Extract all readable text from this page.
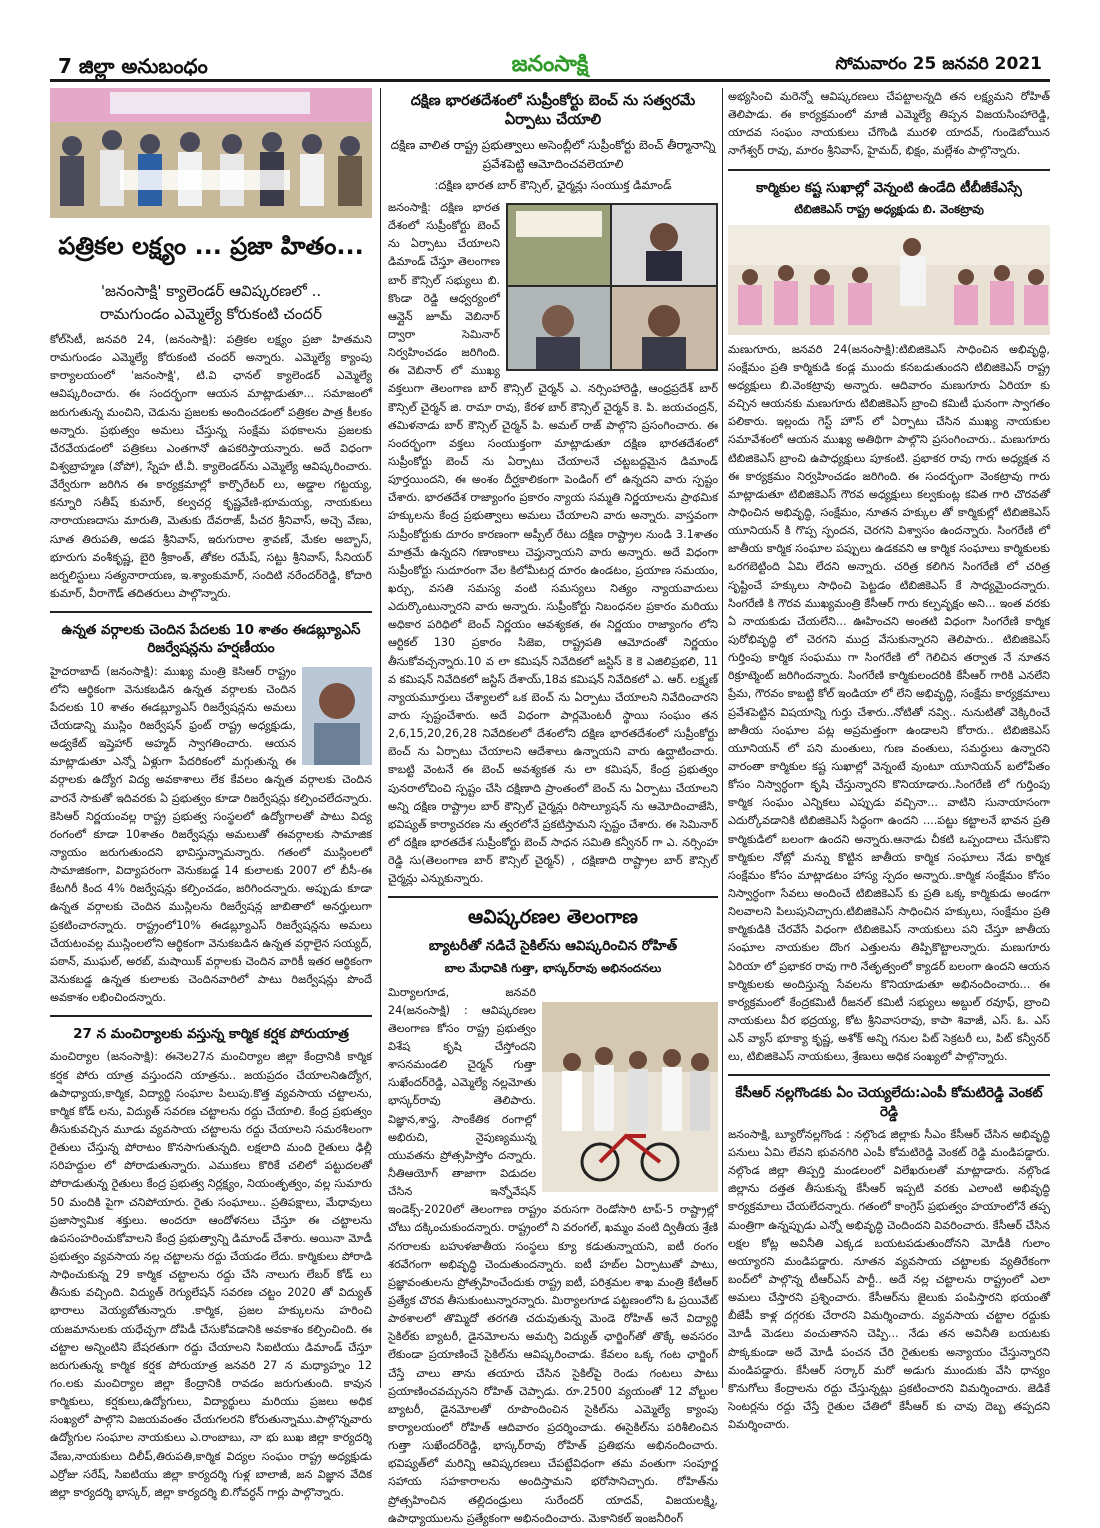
7 జిల్లా అనుబంధం	జనంసాక్షి	సోమవారం 25 జనవరి 2021
పత్రికల లక్ష్యం ... ప్రజా హితం...
'జనంసాక్షి' క్యాలెండర్ ఆవిష్కరణలో ..
రామగుండం ఎమ్మెల్యే కోరుకంటి చందర్
కోల్‌సిటీ, జనవరి 24, (జనంసాక్షి): పత్రికల లక్ష్యం ప్రజా హితమని రామగుండం ఎమ్మెల్యే కోరుకంటి చందర్ అన్నారు. ఎమ్మెల్యే క్యాంపు కార్యాలయంలో 'జనంసాక్షి', టి.వి ఛానల్ క్యాలెండర్ ఎమ్మెల్యే ఆవిష్కరించారు. ఈ సందర్భంగా ఆయన మాట్లాడుతూ... సమాజంలో జరుగుతున్న మంచిని, చెడును ప్రజలకు అందించడంలో పత్రికల పాత్ర కీలకం అన్నారు. ప్రభుత్వం అమలు చేస్తున్న సంక్షేమ పథకాలను ప్రజలకు చేరవేయడంలో పత్రికలు ఎంతగానో ఉపకరిస్తాయన్నారు. అదే విధంగా విశ్వబ్రాహ్మణ (వోపో), స్నేహ టీ.వీ. క్యాలెండర్‌ను ఎమ్మెల్యే ఆవిష్కరించారు. వేర్వేరుగా జరిగిన ఈ కార్యక్రమాల్లో కార్పొరేటర్ లు, అడ్డాల గట్టయ్య, కన్నూరి సతీష్ కుమార్, కల్వచర్ల కృష్ణవేణి-భూమయ్య, నాయకులు నారాయణదాసు మారుతి, మెతుకు దేవరాజ్, పీచర శ్రీనివాస్, అచ్చె వేణు, సూత తిరుపతి, అడప శ్రీనివాస్, ఇరుగురాల శ్రావణ్, మేకల అబ్బాస్, భూరుగు వంశీకృష్ణ, బైరి శ్రీకాంత్, తోకల రమేష్, సట్టు శ్రీనివాస్, సీనియర్ జర్నలిస్టులు సత్యనారాయణ, ఇ.శ్యాంకుమార్, సందిటి నరేందర్‌రెడ్డి, కోదారి కుమార్, వీరాగౌడ్ తదితరులు పాల్గొన్నారు.
ఉన్నత వర్గాలకు చెందిన పేదలకు 10 శాతం ఈడబ్ల్యూఎస్ రిజర్వేషన్లను హర్షణీయం
హైదరాబాద్ (జనంసాక్షి): ముఖ్య మంత్రి కెసిఆర్ రాష్ట్రం లోని ఆర్థికంగా వెనుకబడిన ఉన్నత వర్గాలకు చెందిన పేదలకు 10 శాతం ఈడబ్ల్యూఎస్ రిజర్వేషన్లను అమలు చేయడాన్ని ముస్లిం రిజర్వేషన్ ఫ్రంట్ రాష్ట్ర అధ్యక్షుడు, అడ్వకేట్ ఇష్తెహార్ అహ్మద్ స్వాగతించారు. ఆయన మాట్లాడుతూ ఎన్నో ఏళ్లుగా పేదరికంలో మగ్గుతున్న ఈ వర్గాలకు ఉద్యోగ విద్య అవకాశాలు లేక కేవలం ఉన్నత వర్గాలకు చెందిన వారనే సాకుతో ఇదివరకు ఏ ప్రభుత్వం కూడా రిజర్వేషన్లు కల్పించలేదన్నారు. కెసిఆర్ నిర్ణయంవల్ల రాష్ట్ర ప్రభుత్వ సంస్థలలో ఉద్యోగాలతో పాటు విద్య రంగంలో కూడా 10శాతం రిజర్వేషన్లు అమలుతో ఈవర్గాలకు సామాజిక న్యాయం జరుగుతుందని భావిస్తున్నామన్నారు. గతంలో ముస్లింలలో సామాజికంగా, విద్యాపరంగా వెనుకబడ్డ 14 కులాలకు 2007 లో బీసీ-ఈ కేటగిరీ కింద 4% రిజర్వేషన్లు కల్పించడం, జరిగిందన్నారు. అప్పుడు కూడా ఉన్నత వర్గాలకు చెందిన ముస్లిలను రిజర్వేషన్ల జాబితాలో అనర్హులుగా ప్రకటించారన్నారు. రాష్ట్రంలో10% ఈడబ్ల్యూఎస్ రిజర్వేషన్లను అమలు చేయటంవల్ల ముస్లింలలోని ఆర్థికంగా వెనుకబడిన ఉన్నత వర్గాలైన సయ్యద్, పఠాన్, ముఘల్, అరబ్, మషాయిక్ వర్గాలకు చెందిన వారికీ ఇతర ఆర్థికంగా వెనుకబడ్డ ఉన్నత కులాలకు చెందినవారిలో పాటు రిజర్వేషన్లు పొందే అవకాశం లభించిందన్నారు.
27 న మంచిర్యాలకు వస్తున్న కార్మిక కర్షక పోరుయాత్ర
మంచిర్యాల (జనంసాక్షి): ఈనెల27న మంచిర్యాల జిల్లా కేంద్రానికి కార్మిక కర్షక పోరు యాత్ర వస్తుందని యాత్రను.. జయప్రదం చేయాలనిఉద్యోగ, ఉపాధ్యాయ,కార్మిక, విద్యార్థి సంఘాల పిలుపు.కొత్త వ్యవసాయ చట్టాలను, కార్మిక కోడ్ లను, విద్యుత్ సవరణ చట్టాలను రద్దు చేయాలి. కేంద్ర ప్రభుత్వం తీసుకువచ్చిన మూడు వ్యవసాయ చట్టాలను రద్దు చేయాలని సమరశీలంగా రైతులు చేస్తున్న పోరాటం కొనసాగుతున్నది. లక్షలాది మంది రైతులు ఢిల్లీ సరిహద్దుల లో పోరాడుతున్నారు. ఎముకలు కొరికే చలిలో పట్టుదలతో పోరాడుతున్న రైతులు కేంద్ర ప్రభుత్వ నిర్లక్ష్యం, నియంతృత్వం, వల్ల సుమారు 50 మందికి పైగా చనిపోయారు. రైతు సంఘాలు.. ప్రతిపక్షాలు, మేధావులు ప్రజాస్వామిక శక్తులు. అందరూ ఆందోళనలు చేస్తూ ఈ చట్టాలను ఉపసంహరించుకోవాలని కేంద్ర ప్రభుత్వాన్ని డిమాండ్ చేశారు. అయినా మోడీ ప్రభుత్వం వ్యవసాయ నల్ల చట్టాలను రద్దు చేయడం లేదు. కార్మికులు పోరాడి సాధించుకున్న 29 కార్మిక చట్టాలను రద్దు చేసి నాలుగు లేబర్ కోడ్ లు తీసుకు వచ్చింది. విద్యుత్ రెగ్యులేషన్ సవరణ చట్టం 2020 తో విద్యుత్ భారాలు వెయ్యబోతున్నారు .కార్మిక, ప్రజల హక్కులను హరించి యజమానులకు యధేచ్ఛగా దోపిడీ చేసుకోవడానికి అవకాశం కల్పించింది. ఈ చట్టాల అన్నింటిని బేషరతుగా రద్దు చేయాలని సిఐటియు డిమాండ్ చేస్తూ జరుగుతున్న కార్మిక కర్షక పోరుయాత్ర జనవరి 27 న మధ్యాహ్నం 12 గం.లకు మంచిర్యాల జిల్లా కేంద్రానికి రావడం జరుగుతుంది. కావున కార్మికులు, కర్షకులు,ఉద్యోగులు, విద్యార్థులు మరియు ప్రజలు అధిక సంఖ్యలో పాల్గొని విజయవంతం చేయగలరని కోరుతున్నాము.పాల్గొన్నవారు ఉద్యోగుల సంఘాల నాయకులు ఎ.రాంబాబు, నా భు బుఖ జిల్లా కార్యదర్శి వేణు,నాయకులు దిలీప్,తిరుపతి,కార్మిక విద్యల సంఘం రాష్ట్ర అధ్యక్షుడు ఎర్రోజు సరేష్, సిఐటియు జిల్లా కార్యదర్శి గుళ్ల బాలాజీ, జన విజ్ఞాన వేదిక జిల్లా కార్యదర్శి భాస్కర్, జిల్లా కార్యదర్శి బి.గోవర్ధన్ గార్లు పాల్గొన్నారు.
దక్షిణ భారతదేశంలో సుప్రీంకోర్టు బెంచ్ ను సత్వరమే ఏర్పాటు చేయాలి
దక్షిణ వాలిత రాష్ట్ర ప్రభుత్వాలు అసెంబ్లీలో సుప్రీంకోర్టు బెంచ్ తీర్మానాన్ని ప్రవేశపెట్టి ఆమోదించవలెయాలి
:దక్షిణ భారత బార్ కౌన్సిల్, ఛైర్మన్లు సంయుక్త డిమాండ్
జనంసాక్షి: దక్షిణ భారత దేశంలో సుప్రీంకోర్టు బెంచ్ ను ఏర్పాటు చేయాలని డిమాండ్ చేస్తూ తెలంగాణ బార్ కౌన్సిల్ సభ్యులు బి. కొండా రెడ్డి ఆధ్వర్యంలో ఆన్లైన్ జూమ్ వెబినార్ ద్వారా సెమినార్ నిర్వహించడం జరిగింది. ఈ వెబినార్ లో ముఖ్య వక్తలుగా తెలంగాణ బార్ కౌన్సిల్ చైర్మన్ ఎ. నర్సింహారెడ్డి, ఆంధ్రప్రదేశ్ బార్ కౌన్సిల్ చైర్మన్ జి. రామా రావు, కేరళ బార్ కౌన్సిల్ చైర్మన్ కె. పి. జయచంద్రన్, తమిళనాడు బార్ కౌన్సిల్ చైర్మన్ పి. అమల్ రాజ్ పాల్గొని ప్రసంగించారు. ఈ సందర్భంగా వక్తలు సంయుక్తంగా మాట్లాడుతూ దక్షిణ భారతదేశంలో సుప్రీంకోర్టు బెంచ్ ను ఏర్పాటు చేయాలనే చట్టబద్దమైన డిమాండ్ పూర్తయిందని, ఈ అంశం దీర్ఘకాలికంగా పెండింగ్ లో ఉన్నదని వారు స్పష్టం చేశారు. భారతదేశ రాజ్యాంగం ప్రకారం న్యాయ సమ్మతి నిర్ణయాలను ప్రాథమిక హక్కులను కేంద్ర ప్రభుత్వాలు అమలు చేయాలని వారు అన్నారు. వాస్తవంగా సుప్రీంకోర్టుకు దూరం కారణంగా అప్పీల్ రేటు దక్షిణ రాష్ట్రాల నుండి 3.1శాతం మాత్రమే ఉన్నదని గణాంకాలు చెప్తున్నాయని వారు అన్నారు. అదే విధంగా సుప్రీంకోర్టు సుదూరంగా వేల కిలోమీటర్ల దూరం ఉండటం, ప్రయాణ సమయం, ఖర్చు, వసతి సమస్య వంటి సమస్యలు నిత్యం న్యాయవాదులు ఎదుర్కొంటున్నారని వారు అన్నారు. సుప్రీంకోర్టు నిబంధనల ప్రకారం మరియు అధికార పరిధిలో బెంచ్ నిర్ణయం ఆవశ్యకత, ఈ నిర్ణయం రాజ్యాంగం లోని ఆర్టికల్ 130 ప్రకారం సిజెఐ, రాష్ట్రపతి ఆమోదంతో నిర్ణయం తీసుకోవచ్చన్నారు.10 వ లా కమిషన్ నివేదికలో జస్టిస్ కె కె ఎజిలిప్రభలి, 11 వ కమిషన్ నివేదికలో జస్టిస్ దేశాయ్,18వ కమిషన్ నివేదికలో ఎ. ఆర్. లక్ష్మణ్ న్యాయమూర్తులు చేశ్యాలలో ఒక బెంచ్ ను ఏర్పాటు చేయాలని నివేదించారని వారు స్పష్టంచేశారు. అదే విధంగా పార్లమెంటరీ స్థాయి సంఘం తన 2,6,15,20,26,28 నివేదికలలో దేశంలోని దక్షిణ భారతదేశంలో సుప్రీంకోర్టు బెంచ్ ను ఏర్పాటు చేయాలని ఆదేశాలు ఉన్నాయని వారు ఉద్ఘాటించారు. కాబట్టి వెంటనే ఈ బెంచ్ అవశ్యకత ను లా కమిషన్, కేంద్ర ప్రభుత్వం పునరాలోచించి స్పష్టం చేసి దక్షిణాది ప్రాంతంలో బెంచ్ ను ఏర్పాటు చేయాలని అన్ని దక్షిణ రాష్ట్రాల బార్ కౌన్సిల్ చైర్మన్లు రిసొల్యూషన్ ను ఆమోదించాజేసి, భవిష్యత్ కార్యాచరణ ను త్వరలోనే ప్రకటిస్తామని స్పష్టం చేశారు. ఈ సెమినార్ లో దక్షిణ భారతదేశ సుప్రీంకోర్టు బెంచ్ సాధన సమితి కన్వీనర్ గా ఎ. నర్సింహ రెడ్డి సు(తెలంగాణ బార్ కౌన్సిల్ చైర్మన్) , దక్షిణాది రాష్ట్రాల బార్ కౌన్సిల్ చైర్మన్లు ఎన్నుకున్నారు.
ఆవిష్కరణల తెలంగాణ
బ్యాటరీతో నడిచే సైకిల్‌ను ఆవిష్కరించిన రోహిత్
బాల మేధావికి గుత్తా, భాస్కర్‌రావు అభినందనలు
మిర్యాలగూడ, జనవరి 24(జనంసాక్షి) : ఆవిష్కరణల తెలంగాణ కోసం రాష్ట్ర ప్రభుత్వం విశేష కృషి చేస్తోందని శాసనమండలి చైర్మన్ గుత్తా సుఖేందర్‌రెడ్డి, ఎమ్మెల్యే నల్లమోతు భాస్కర్‌రావు తెలిపారు. విజ్ఞాన,శాస్త్ర, సాంకేతిక రంగాల్లో అభిరుచి, నైపుణ్యమున్న యువతను ప్రోత్సహిస్తోం దన్నారు. నీతిఆయోగ్ తాజాగా విడుదల చేసిన ఇన్నోవేషన్ ఇండెక్స్-2020లో తెలంగాణ రాష్ట్రం వరుసగా రెండోసారి టాప్-5 రాష్ట్రాల్లో చోటు దక్కించుకుందన్నారు. రాష్ట్రంలో ని వరంగల్, ఖమ్మం వంటి ద్వితీయ శ్రేణి నగరాలకు బహుళజాతీయ సంస్థలు క్యూ కడుతున్నాయని, ఐటీ రంగం శరవేగంగా అభివృద్ధి చెందుతుందన్నారు. ఐటీ హబ్‌ల ఏర్పాటుతో పాటు, ప్రజ్ఞావంతులను ప్రోత్సహించేందుకు రాష్ట్ర ఐటీ, పరిశ్రమల శాఖ మంత్రి కేటీఆర్ ప్రత్యేక చొరవ తీసుకుంటున్నారన్నారు. మిర్యాలగూడ పట్టణంలోని ఓ ప్రయివేట్ పాఠశాలలో తొమ్మిదో తరగతి చదువుతున్న మెండె రోహిత్ అనే విద్యార్థి సైకిల్‌కు బ్యాటరీ, డైనమోలను అమర్చి విద్యుత్ ఛార్జింగ్‌తో తొక్కే అవసరం లేకుండా ప్రయాణించే సైకిల్‌ను ఆవిష్కరించాడు. కేవలం ఒక్క గంట ఛార్జింగ్ చేస్తే చాలు తాను తయారు చేసిన సైకిల్‌పై రెండు గంటలు పాటు ప్రయాణించవచ్చునని రోహిత్ చెప్పాడు. రూ.2500 వ్యయంతో 12 వోల్టుల బ్యాటరీ, డైనమోలతో రూపొందించిన సైకిల్‌ను ఎమ్మెల్యే క్యాంపు కార్యాలయంలో రోహిత్ ఆదివారం ప్రదర్శించాడు. ఈసైకిల్‌ను పరిశీలించిన గుత్తా సుఖేందర్‌రెడ్డి, భాస్కర్‌రావు రోహిత్ ప్రతిభను అభినందించారు. భవిష్యత్‌లో మరిన్ని ఆవిష్కరణలు చేపట్టేవిధంగా తమ వంతుగా సంపూర్ణ సహాయ సహకారాలను అందిస్తామని భరోసానిచ్చారు. రోహిత్‌ను ప్రోత్సహించిన తల్లిదండ్రులు సురేందర్ యాదవ్, విజయలక్ష్మి, ఉపాధ్యాయులను ప్రత్యేకంగా అభినందించారు. మెకానికల్ ఇంజనీరింగ్
అభ్యసించి మరెన్నో ఆవిష్కరణలు చేపట్టాలన్నది తన లక్ష్యమని రోహిత్ తెలిపాడు. ఈ కార్యక్రమంలో మాజీ ఎమ్మెల్యే తిప్పన విజయసింహారెడ్డి, యాదవ సంఘం నాయకులు చేగొండి మురళి యాదవ్, గుండెబోయిన నాగేశ్వర్ రావు, మారం శ్రీనివాస్, హైమద్, భిక్షం, మల్లేశం పాల్గొన్నారు.
కార్మికుల కష్ట సుఖాల్లో వెన్నంటి ఉండేది టీబీజీకేఎస్సే
టిబిజికెఎస్ రాష్ట్ర అధ్యక్షుడు బి. వెంకట్రావు
మణుగూరు, జనవరి 24(జనంసాక్షి):టిబిజికెఎస్ సాధించిన అభివృద్ధి, సంక్షేమం ప్రతి కార్మికుడి కండ్ల ముందు కనబడుతుందని టిబిజికెఎస్ రాష్ట్ర అధ్యక్షులు బి.వెంకట్రావు అన్నారు. ఆదివారం మణుగూరు ఏరియా కు వచ్చిన ఆయనకు మణుగూరు టిబిజికెఎస్ బ్రాంచి కమిటీ ఘనంగా స్వాగతం పలికారు. ఇల్లందు గెస్ట్ హౌస్ లో ఏర్పాటు చేసిన ముఖ్య నాయకుల సమావేశంలో ఆయన ముఖ్య అతిథిగా పాల్గొని ప్రసంగించారు.. మణుగూరు టిబిజికెఎస్ బ్రాంచి ఉపాధ్యక్షులు పూకంటి. ప్రభాకర రావు గారు అధ్యక్షత న ఈ కార్యక్రమం నిర్వహించడం జరిగింది. ఈ సందర్భంగా వెంకట్రావు గారు మాట్లాడుతూ టిబిజికెఎస్ గౌరవ అధ్యక్షులు కల్వకుంట్ల కవిత గారి చొరవతో సాధించిన అభివృద్ధి, సంక్షేమం, నూతన హక్కుల తో కార్మికుల్లో టిబిజికెఎస్ యూనియన్ కి గొప్ప స్పందన, చెరగని విశ్వాసం ఉందన్నారు. సింగరేణి లో జాతీయ కార్మిక సంఘాల పప్పులు ఉడకవని ఆ కార్మిక సంఘాలు కార్మికులకు ఒరగబెట్టింది ఏమి లేదని అన్నారు. చరిత్ర కలిగిన సింగరేణి లో చరిత్ర సృష్టించే హక్కులు సాధించి పెట్టడం టిబిజికెఎస్ కే సాధ్యమైందన్నారు. సింగరేణి కి గౌరవ ముఖ్యమంత్రి కేసీఆర్ గారు కల్పవృక్షం అని... ఇంత వరకు ఏ నాయకుడు చేయలేని... ఊహించని అంతటి విధంగా సింగరేణి కార్మిక పురోభివృద్ధి లో చెరగని ముద్ర వేసుకున్నారని తెలిపారు.. టిబిజికెఎస్ గుర్తింపు కార్మిక సంఘము గా సింగరేణి లో గెలిచిన తర్వాత నే నూతన రిక్రూట్మెంట్ జరిగిందన్నారు. సింగరేణి కార్మికులందరికి కేసీఆర్ గారికి ఎనలేని ప్రేమ, గౌరవం కాబట్టి కోల్ ఇండియా లో లేని అభివృద్ధి, సంక్షేమ కార్యక్రమాలు ప్రవేశపెట్టిన విషయాన్ని గుర్తు చేశారు..నోటితో నవ్వి.. నునుటితో వెక్కిరించే జాతీయ సంఘాల పట్ల అప్రమత్తంగా ఉండాలని కోరారు.. టిబిజికెఎస్ యూనియన్ లో పని మంతులు, గుణ వంతులు, సమర్ధులు ఉన్నారని వారంతా కార్మికుల కష్ట సుఖాల్లో వెన్నంటే వుంటూ యూనియన్ బలోపేతం కోసం నిస్వార్ధంగా కృషి చేస్తున్నారని కొనియాడారు..సింగరేణి లో గుర్తింపు కార్మిక సంఘం ఎన్నికలు ఎప్పుడు వచ్చినా... వాటిని సునాయాసంగా ఎదుర్కోవడానికి టిబిజికెఎస్ సిద్ధంగా ఉందని ....పట్టు కట్టాలనే భావన ప్రతి కార్మికుడిలో బలంగా ఉందని అన్నారు.ఆనాడు చీకటి ఒప్పందాలు చేసుకొని కార్మికుల నోట్లో మన్ను కొట్టిన జాతీయ కార్మిక సంఘాలు నేడు కార్మిక సంక్షేమం కోసం మాట్లాడటం హాస్య స్పదం అన్నారు..కార్మిక సంక్షేమం కోసం నిస్వార్ధంగా సేవలు అందించే టిబిజికెఎస్ కు ప్రతి ఒక్క కార్మికుడు అండగా నిలవాలని పిలుపునిచ్చారు.టిబిజికెఎస్ సాధించిన హక్కులు, సంక్షేమం ప్రతి కార్మికుడికి చేరవేసే విధంగా టిబిజికెఎస్ నాయకులు పని చేస్తూ జాతీయ సంఘాల నాయకుల దొంగ ఎత్తులను తిప్పికొట్టాలన్నారు. మణుగూరు ఏరియా లో ప్రభాకర రావు గారి నేతృత్వంలో క్యాడర్ బలంగా ఉందని ఆయన కార్మికులకు అందిస్తున్న సేవలను కొనియాడుతూ అభినందించారు... ఈ కార్యక్రమంలో కేంద్రకమిటీ రీజనల్ కమిటీ సభ్యులు అబ్దుల్ రవూఫ్, బ్రాంచి నాయకులు వీర భద్రయ్య, కోట శ్రీనివాసరావు, కాపా శివాజీ, ఎస్. ఓ. ఎస్ ఎన్ వ్యాస్ భూక్యా కృష్ణ, అశోక్ అన్ని గనుల పిట్ సెక్రటరీ లు, పిట్ కన్వీనర్ లు, టిబిజికెఎస్ నాయకులు, శ్రేణులు అధిక సంఖ్యలో పాల్గొన్నారు.
కేసీఆర్ నల్లగొండకు ఏం చెయ్యలేదు:ఎంపీ కోమటిరెడ్డి వెంకట్ రెడ్డి
జనంసాక్షి, బ్యూరోనల్లగొండ : నల్గొండ జిల్లాకు సీఎం కేసీఆర్ చేసిన అభివృద్ధి పనులు ఏమి లేవని భువనగిరి ఎంపీ కోమటిరెడ్డి వెంకట్ రెడ్డి మండిపడ్డారు. నల్గొండ జిల్లా తిప్పర్తి మండలంలో విలేఖరులతో మాట్లాడారు. నల్గొండ జిల్లాను దత్తత తీసుకున్న కేసీఆర్ ఇప్పటి వరకు ఎలాంటి అభివృద్ధి కార్యక్రమాలు చేయలేదన్నారు. గతంలో కాంగ్రెస్ ప్రభుత్వం హయాంలోనే తప్ప మంత్రిగా ఉన్నప్పుడు ఎన్నో అభివృద్ధి చెందిందని వివరించారు. కేసీఆర్ చేసిన లక్షల కోట్ల అవినీతి ఎక్కడ బయటపడుతుందోనని మోడీకి గులాం అయ్యారని మండిపడ్డారు. నూతన వ్యవసాయ చట్టాలకు వ్యతిరేకంగా బంద్‌లో పాల్గొన్న టీఆర్‌ఎస్ పార్టీ.. అదే నల్ల చట్టాలను రాష్ట్రంలో ఎలా అమలు చేస్తారని ప్రశ్నించారు. కేసీఆర్‌ను జైలుకు పంపిస్తారని భయంతో బీజేపీ కాళ్ల దగ్గరకు చేరారని విమర్శించారు. వ్యవసాయ చట్టాల రద్దుకు మోడీ మెడలు వంచుతానని చెప్పి... నేడు తన అవినీతి బయటకు పొక్కకుండా అదే మోడీ పంచన చేరి రైతులకు అన్యాయం చేస్తున్నారని మండిపడ్డారు. కేసీఆర్ సర్కార్ మరో అడుగు ముందుకు వేసి ధాన్యం కొనుగోలు కేంద్రాలను రద్దు చేస్తున్నట్లు ప్రకటించారని విమర్శించారు. జెడికే సెంటర్లను రద్దు చేస్తే రైతుల చేతిలో కేసీఆర్ కు చావు దెబ్బ తప్పదని విమర్శించారు.
